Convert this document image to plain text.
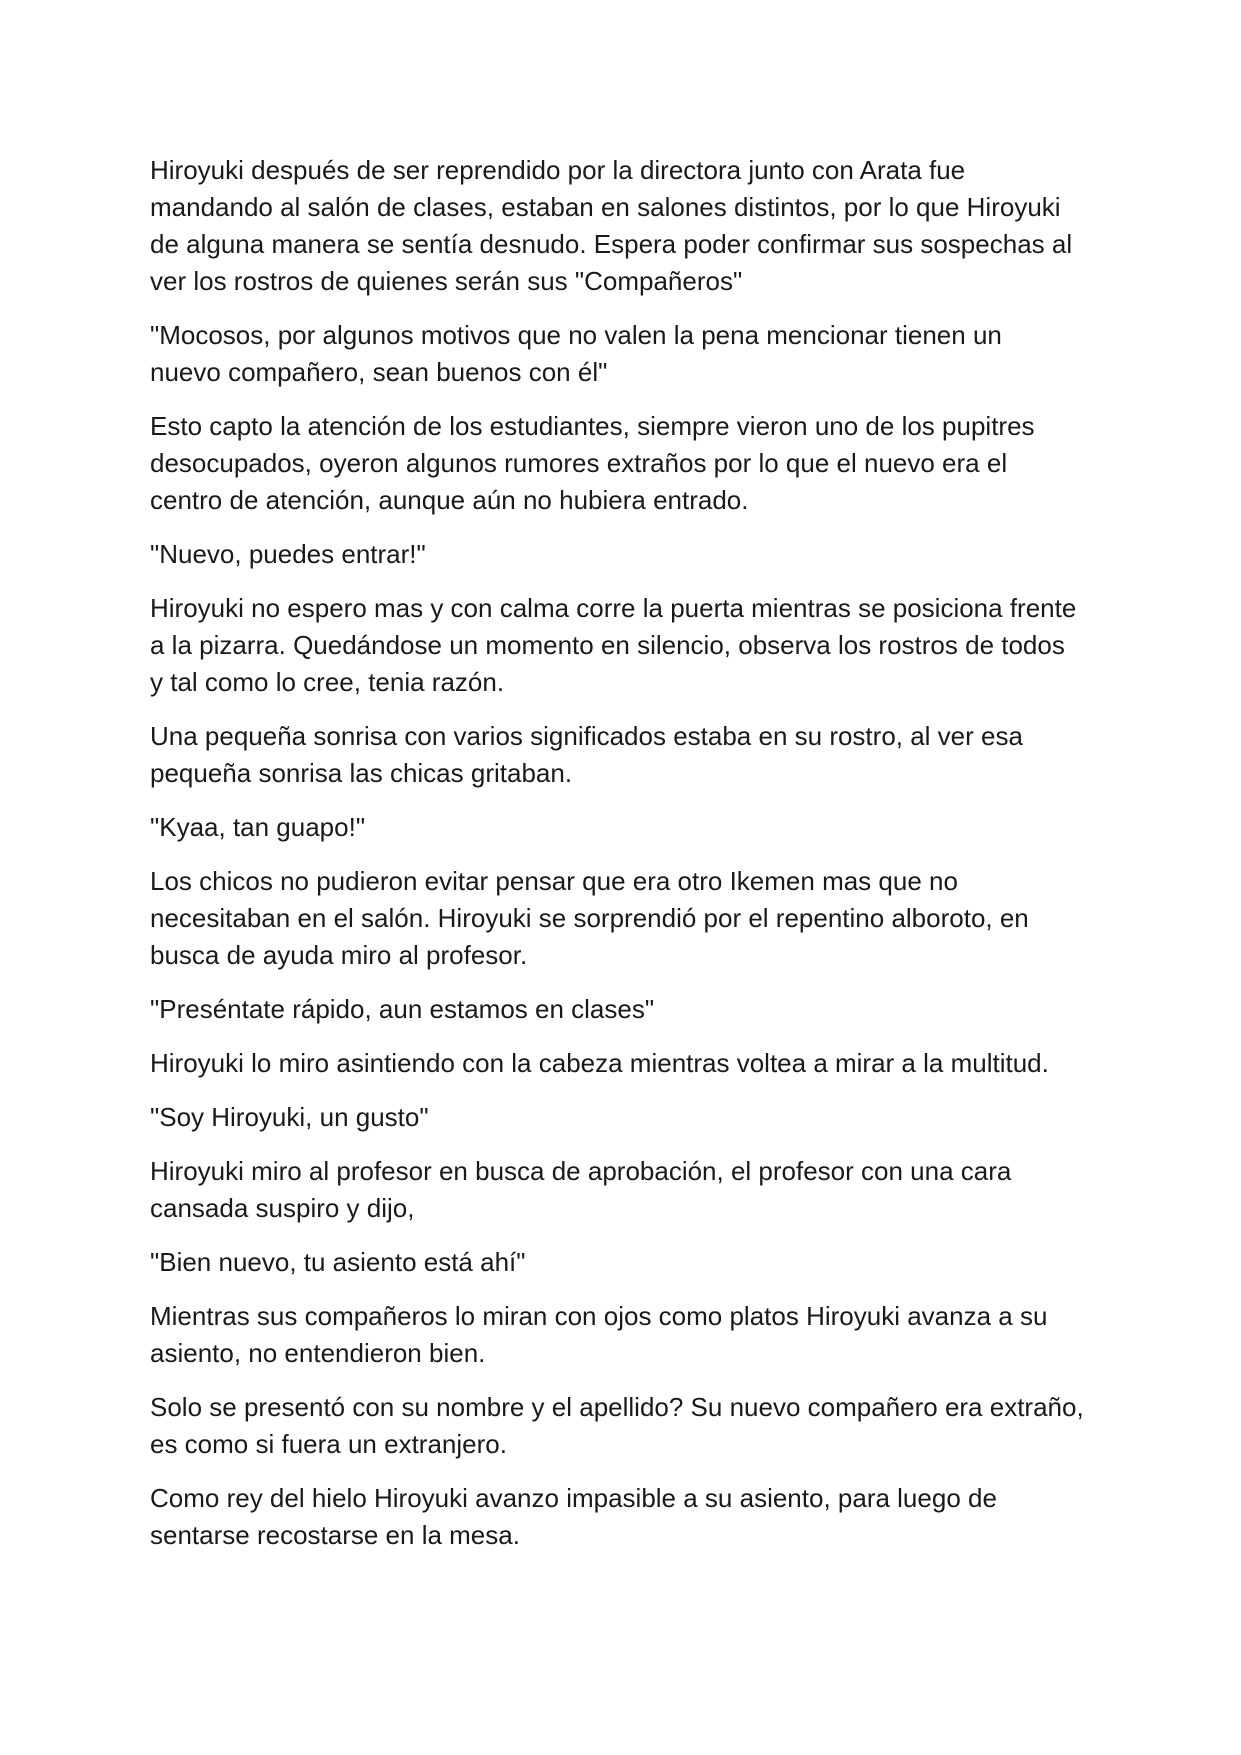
Hiroyuki después de ser reprendido por la directora junto con Arata fue
mandando al salón de clases, estaban en salones distintos, por lo que Hiroyuki
de alguna manera se sentía desnudo. Espera poder confirmar sus sospechas al
ver los rostros de quienes serán sus "Compañeros"

"Mocosos, por algunos motivos que no valen la pena mencionar tienen un
nuevo compañero, sean buenos con él"

Esto capto la atención de los estudiantes, siempre vieron uno de los pupitres
desocupados, oyeron algunos rumores extraños por lo que el nuevo era el
centro de atención, aunque aún no hubiera entrado.

"Nuevo, puedes entrar!"

Hiroyuki no espero mas y con calma corre la puerta mientras se posiciona frente
a la pizarra. Quedándose un momento en silencio, observa los rostros de todos
y tal como lo cree, tenia razón.

Una pequeña sonrisa con varios significados estaba en su rostro, al ver esa
pequeña sonrisa las chicas gritaban.

"Kyaa, tan guapo!"

Los chicos no pudieron evitar pensar que era otro Ikemen mas que no
necesitaban en el salón. Hiroyuki se sorprendió por el repentino alboroto, en
busca de ayuda miro al profesor.

"Preséntate rápido, aun estamos en clases"

Hiroyuki lo miro asintiendo con la cabeza mientras voltea a mirar a la multitud.

"Soy Hiroyuki, un gusto"

Hiroyuki miro al profesor en busca de aprobación, el profesor con una cara
cansada suspiro y dijo,

"Bien nuevo, tu asiento está ahí"

Mientras sus compañeros lo miran con ojos como platos Hiroyuki avanza a su
asiento, no entendieron bien.

Solo se presentó con su nombre y el apellido? Su nuevo compañero era extraño,
es como si fuera un extranjero.

Como rey del hielo Hiroyuki avanzo impasible a su asiento, para luego de
sentarse recostarse en la mesa.
